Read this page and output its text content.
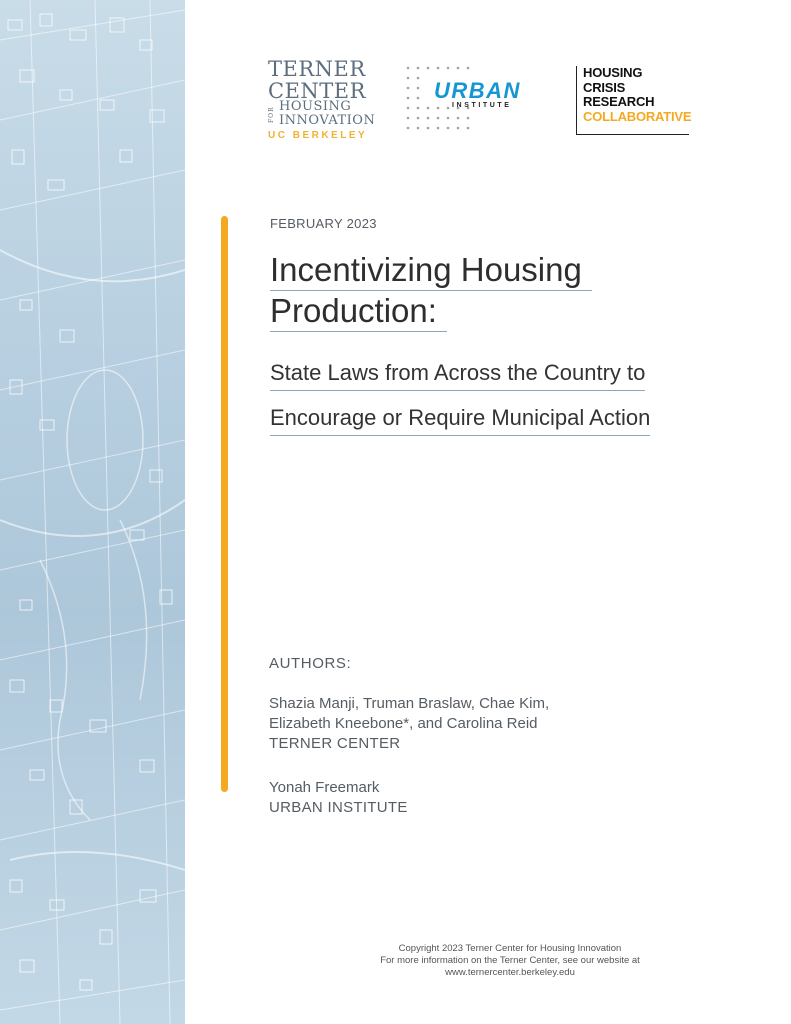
TERNER
CENTER
FOR
HOUSING
INNOVATION
UC BERKELEY
URBAN
INSTITUTE
HOUSING
CRISIS
RESEARCH
COLLABORATIVE
FEBRUARY 2023
Incentivizing Housing
Production:
State Laws from Across the Country to
Encourage or Require Municipal Action
AUTHORS:
Shazia Manji, Truman Braslaw, Chae Kim,
Elizabeth Kneebone*, and Carolina Reid
TERNER CENTER
Yonah Freemark
URBAN INSTITUTE
Copyright 2023 Terner Center for Housing Innovation
For more information on the Terner Center, see our website at
www.ternercenter.berkeley.edu
